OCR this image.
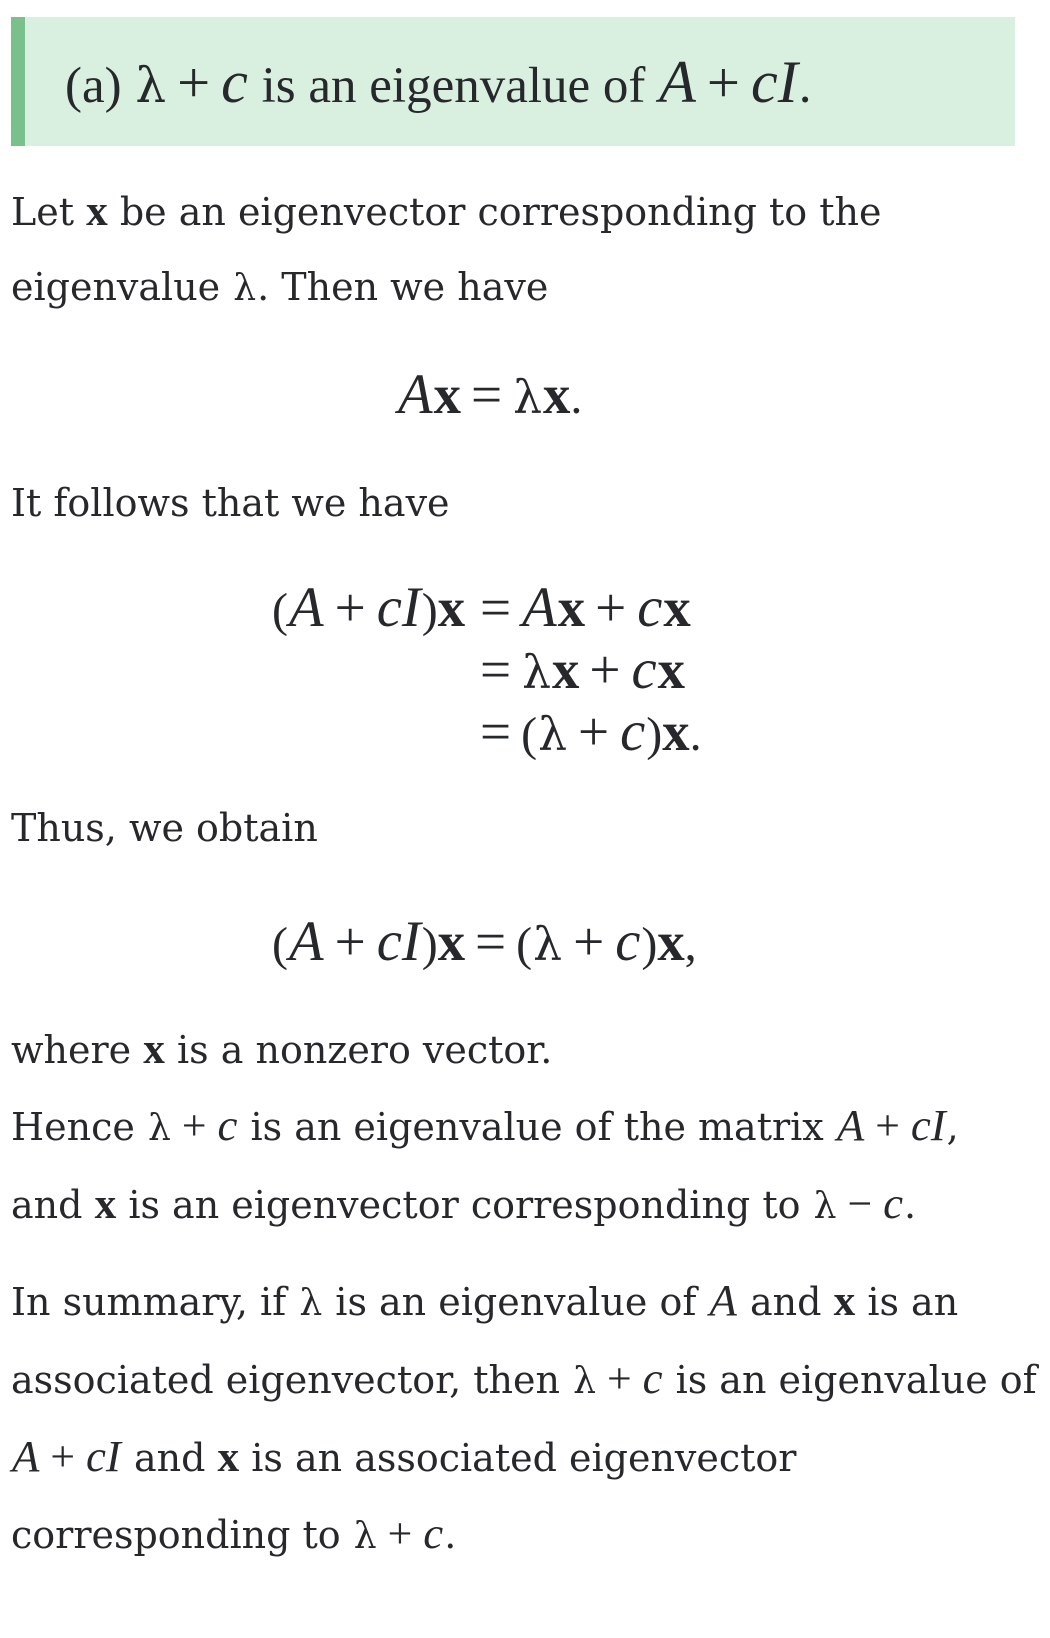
(a) λ + c is an eigenvalue of A + cI.
Let x be an eigenvector corresponding to the
eigenvalue λ. Then we have
Ax = λx.
It follows that we have
(A + cI)x = Ax + cx
= λx + cx
= (λ + c)x.
Thus, we obtain
(A + cI)x = (λ + c)x,
where x is a nonzero vector.
Hence λ + c is an eigenvalue of the matrix A + cI,
and x is an eigenvector corresponding to λ − c.
In summary, if λ is an eigenvalue of A and x is an
associated eigenvector, then λ + c is an eigenvalue of
A + cI and x is an associated eigenvector
corresponding to λ + c.
